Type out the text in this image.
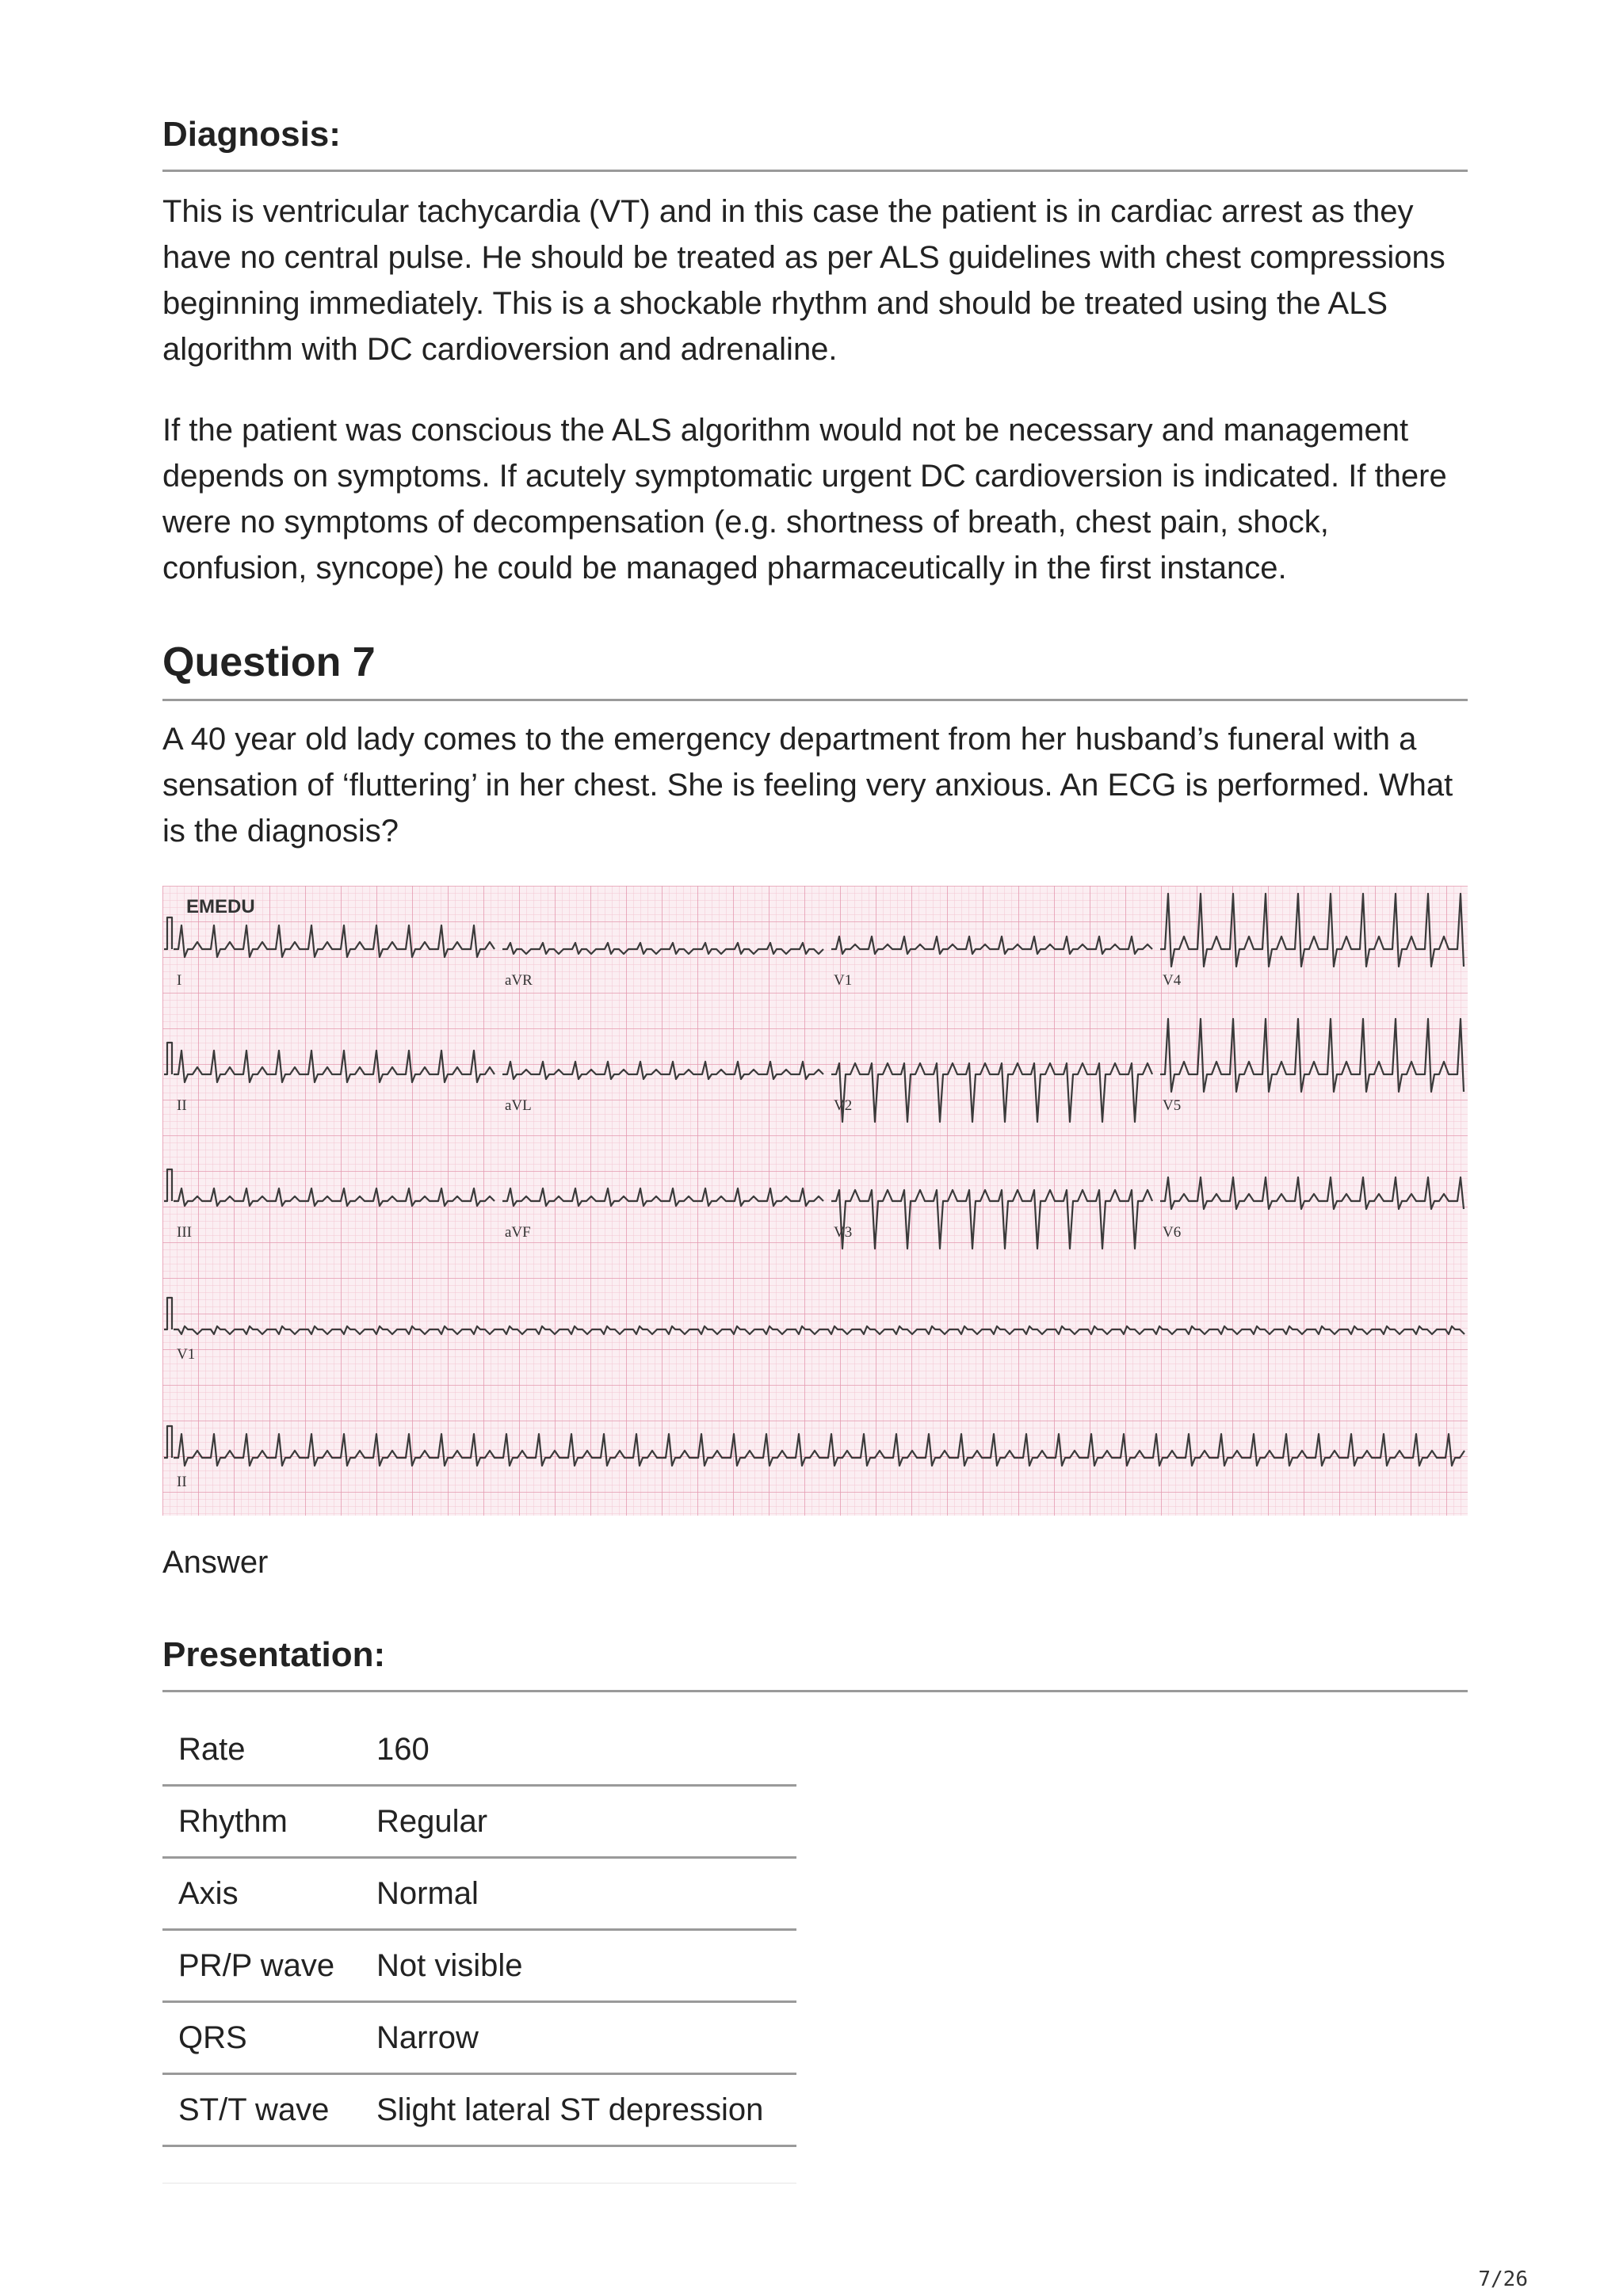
Diagnosis:

This is ventricular tachycardia (VT) and in this case the patient is in cardiac arrest as they have no central pulse. He should be treated as per ALS guidelines with chest compressions beginning immediately. This is a shockable rhythm and should be treated using the ALS algorithm with DC cardioversion and adrenaline.

If the patient was conscious the ALS algorithm would not be necessary and management depends on symptoms. If acutely symptomatic urgent DC cardioversion is indicated. If there were no symptoms of decompensation (e.g. shortness of breath, chest pain, shock, confusion, syncope) he could be managed pharmaceutically in the first instance.

Question 7

A 40 year old lady comes to the emergency department from her husband’s funeral with a sensation of ‘fluttering’ in her chest. She is feeling very anxious. An ECG is performed. What is the diagnosis?

EMEDU
I	aVR	V1	V4
II	aVL	V2	V5
III	aVF	V3	V6
V1
II
Answer
Presentation:
Rate	160
Rhythm	Regular
Axis	Normal
PR/P wave	Not visible
QRS	Narrow
ST/T wave	Slight lateral ST depression

7/26
